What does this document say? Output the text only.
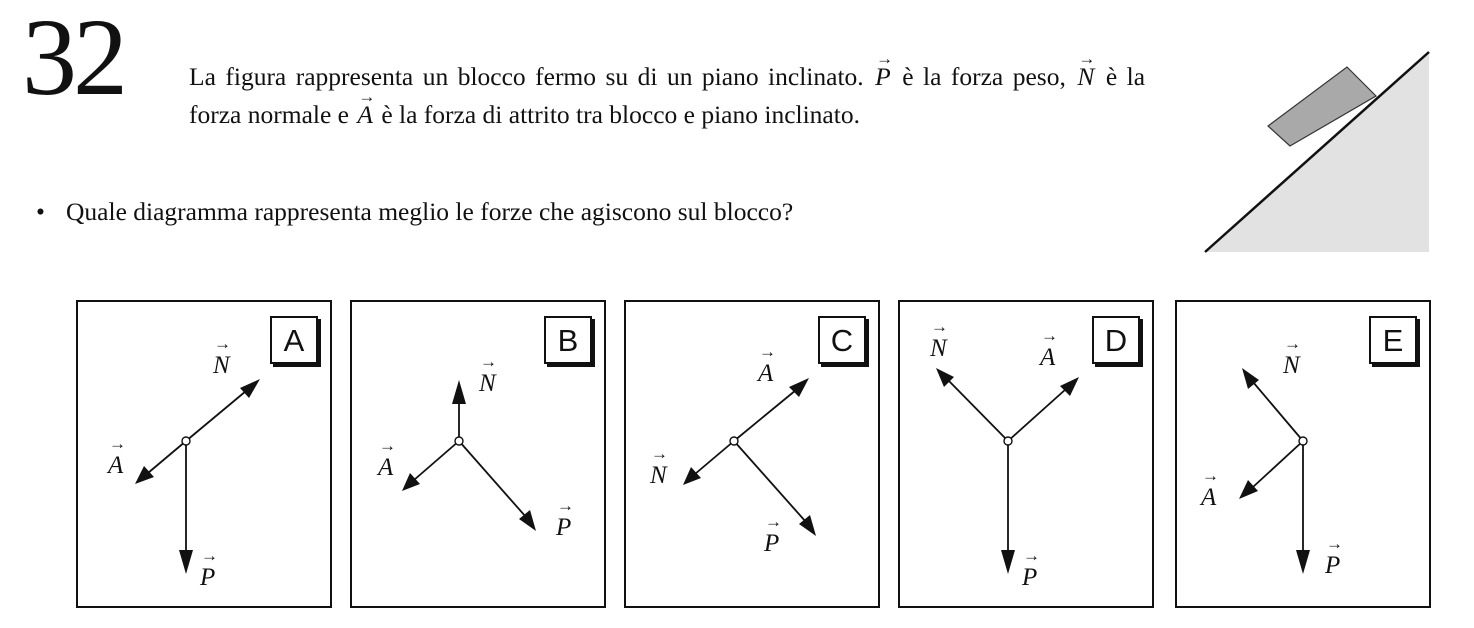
32	La figura rappresenta un blocco fermo su di un piano inclinato. → P è la forza peso, → N è la forza normale e → A è la forza di attrito tra blocco e piano inclinato.

• Quale diagramma rappresenta meglio le forze che agiscono sul blocco?
A
→ N
→ A
→ P
B
→ N
→ A
→ P
C
→ A
→ N
→ P
D
→ N	→ A
→ P
E
→ N
→ A
→ P
